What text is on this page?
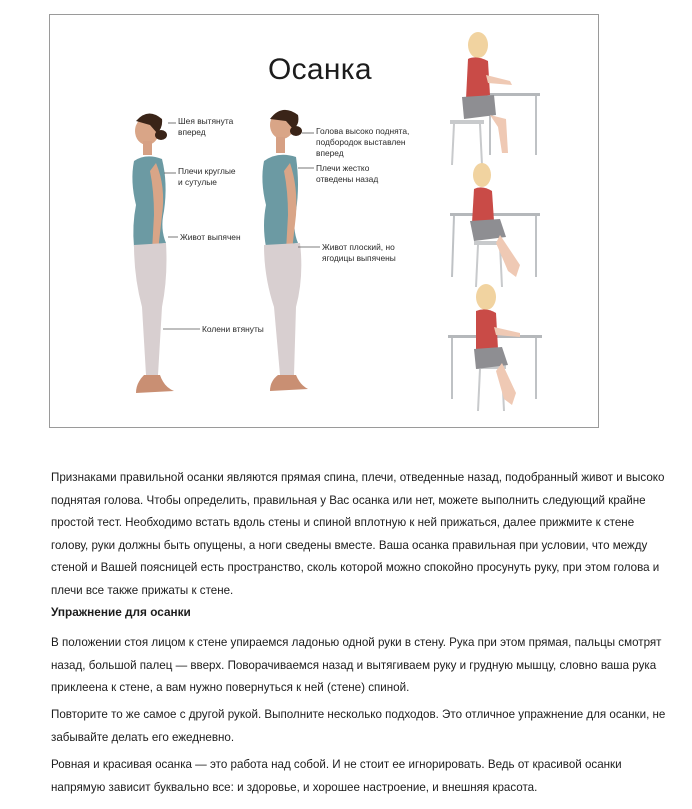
Осанка
Шея вытянута
вперед
Плечи круглые
и сутулые
Живот выпячен
Колени втянуты
Голова высоко поднята,
подбородок выставлен
вперед
Плечи жестко
отведены назад
Живот плоский, но
ягодицы выпячены
Признаками правильной осанки являются прямая спина, плечи, отведенные назад, подобранный живот и высоко поднятая голова. Чтобы определить, правильная у Вас осанка или нет, можете выполнить следующий крайне простой тест. Необходимо встать вдоль стены и спиной вплотную к ней прижаться, далее прижмите к стене голову, руки должны быть опущены, а ноги сведены вместе. Ваша осанка правильная при условии, что между стеной и Вашей поясницей есть пространство, сколь которой можно спокойно просунуть руку, при этом голова и плечи все также прижаты к стене.
Упражнение для осанки
В положении стоя лицом к стене упираемся ладонью одной руки в стену. Рука при этом прямая, пальцы смотрят назад, большой палец — вверх. Поворачиваемся назад и вытягиваем руку и грудную мышцу, словно ваша рука приклеена к стене, а вам нужно повернуться к ней (стене) спиной.
Повторите то же самое с другой рукой. Выполните несколько подходов. Это отличное упражнение для осанки, не забывайте делать его ежедневно.
Ровная и красивая осанка — это работа над собой. И не стоит ее игнорировать. Ведь от красивой осанки напрямую зависит буквально все: и здоровье, и хорошее настроение, и внешняя красота.
